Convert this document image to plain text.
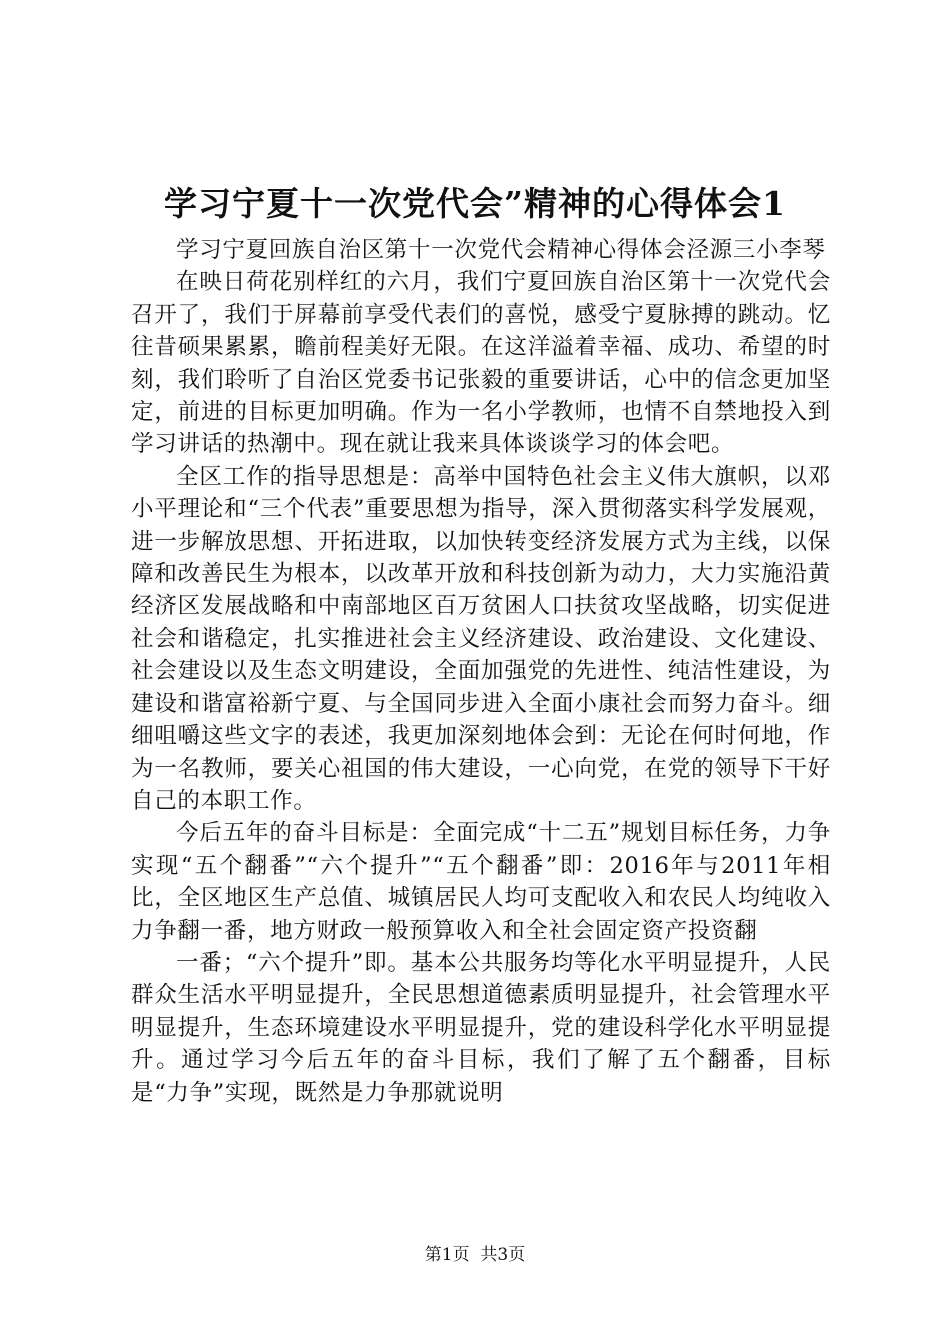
学习宁夏十一次党代会”精神的心得体会1

学习宁夏回族自治区第十一次党代会精神心得体会泾源三小李琴

在映日荷花别样红的六月，我们宁夏回族自治区第十一次党代会召开了，我们于屏幕前享受代表们的喜悦，感受宁夏脉搏的跳动。忆往昔硕果累累，瞻前程美好无限。在这洋溢着幸福、成功、希望的时刻，我们聆听了自治区党委书记张毅的重要讲话，心中的信念更加坚定，前进的目标更加明确。作为一名小学教师，也情不自禁地投入到学习讲话的热潮中。现在就让我来具体谈谈学习的体会吧。

全区工作的指导思想是：高举中国特色社会主义伟大旗帜，以邓小平理论和“三个代表”重要思想为指导，深入贯彻落实科学发展观，进一步解放思想、开拓进取，以加快转变经济发展方式为主线，以保障和改善民生为根本，以改革开放和科技创新为动力，大力实施沿黄经济区发展战略和中南部地区百万贫困人口扶贫攻坚战略，切实促进社会和谐稳定，扎实推进社会主义经济建设、政治建设、文化建设、社会建设以及生态文明建设，全面加强党的先进性、纯洁性建设，为建设和谐富裕新宁夏、与全国同步进入全面小康社会而努力奋斗。细细咀嚼这些文字的表述，我更加深刻地体会到：无论在何时何地，作为一名教师，要关心祖国的伟大建设，一心向党，在党的领导下干好自己的本职工作。

今后五年的奋斗目标是：全面完成“十二五”规划目标任务，力争实现“五个翻番”“六个提升”“五个翻番”即：2016年与2011年相比，全区地区生产总值、城镇居民人均可支配收入和农民人均纯收入力争翻一番，地方财政一般预算收入和全社会固定资产投资翻

一番；“六个提升”即。基本公共服务均等化水平明显提升，人民群众生活水平明显提升，全民思想道德素质明显提升，社会管理水平明显提升，生态环境建设水平明显提升，党的建设科学化水平明显提升。通过学习今后五年的奋斗目标，我们了解了五个翻番，目标是“力争”实现，既然是力争那就说明

第1页 共3页
